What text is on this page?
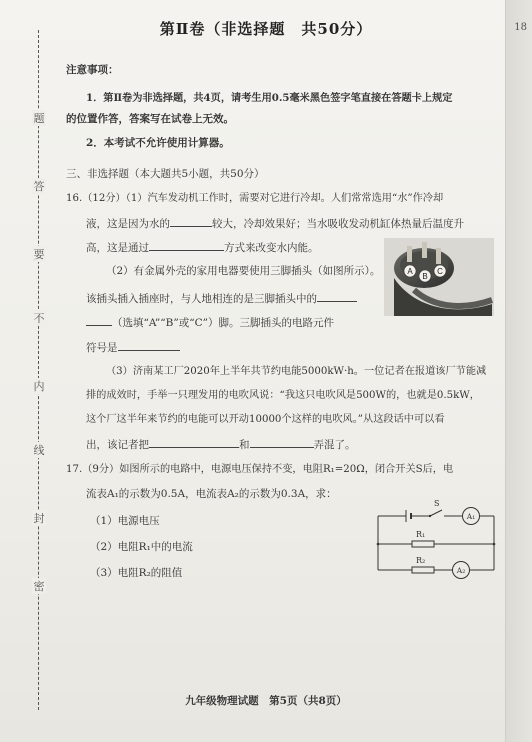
18
题
答
要
不
内
线
封
密
第Ⅱ卷（非选择题　共50分）
注意事项：
1．第Ⅱ卷为非选择题，共4页，请考生用0.5毫米黑色签字笔直接在答题卡上规定
的位置作答，答案写在试卷上无效。
2．本考试不允许使用计算器。
三、非选择题（本大题共5小题，共50分）
16.（12分）（1）汽车发动机工作时，需要对它进行冷却。人们常常选用“水”作冷却
液，这是因为水的	较大，冷却效果好；当水吸收发动机缸体热量后温度升
高，这是通过	方式来改变水内能。
（2）有金属外壳的家用电器要使用三脚插头（如图所示）。
该插头插入插座时，与人地相连的是三脚插头中的
（选填“A”“B”或“C”）脚。三脚插头的电路元件
符号是
A
B
C
（3）济南某工厂2020年上半年共节约电能5000kW·h。一位记者在报道该厂节能减
排的成效时，手举一只理发用的电吹风说：“我这只电吹风是500W的，也就是0.5kW，
这个厂这半年来节约的电能可以开动10000个这样的电吹风。”从这段话中可以看
出，该记者把	和	弄混了。
17.（9分）如图所示的电路中，电源电压保持不变，电阻R₁=20Ω，闭合开关S后，电
流表A₁的示数为0.5A，电流表A₂的示数为0.3A，求：
（1）电源电压
（2）电阻R₁中的电流
（3）电阻R₂的阻值
S
A₁
R₁
R₂
A₂
九年级物理试题　第5页（共8页）
